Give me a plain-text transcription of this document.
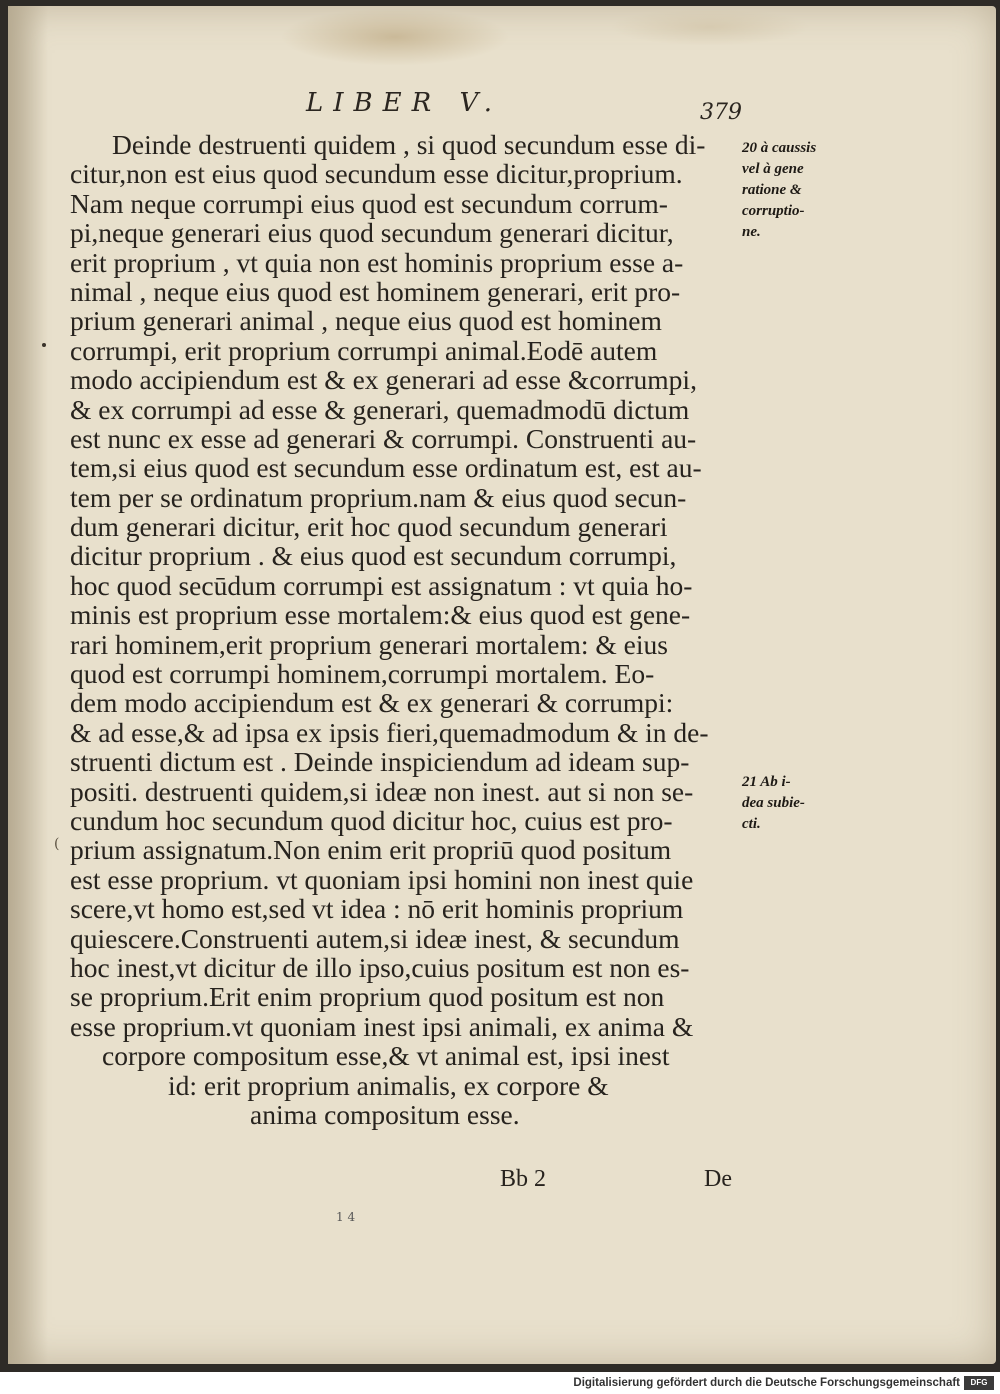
LIBER V.	379
Deinde destruenti quidem , si quod secundum esse di-
citur,non est eius quod secundum esse dicitur,proprium.
Nam neque corrumpi eius quod est secundum corrum-
pi,neque generari eius quod secundum generari dicitur,
erit proprium , vt quia non est hominis proprium esse a-
nimal , neque eius quod est hominem generari, erit pro-
prium generari animal , neque eius quod est hominem
corrumpi, erit proprium corrumpi animal.Eodē autem
modo accipiendum est & ex generari ad esse &corrumpi,
& ex corrumpi ad esse & generari, quemadmodū dictum
est nunc ex esse ad generari & corrumpi. Construenti au-
tem,si eius quod est secundum esse ordinatum est, est au-
tem per se ordinatum proprium.nam & eius quod secun-
dum generari dicitur, erit hoc quod secundum generari
dicitur proprium . & eius quod est secundum corrumpi,
hoc quod secūdum corrumpi est assignatum : vt quia ho-
minis est proprium esse mortalem:& eius quod est gene-
rari hominem,erit proprium generari mortalem: & eius
quod est corrumpi hominem,corrumpi mortalem. Eo-
dem modo accipiendum est & ex generari & corrumpi:
& ad esse,& ad ipsa ex ipsis fieri,quemadmodum & in de-
struenti dictum est . Deinde inspiciendum ad ideam sup-
positi. destruenti quidem,si ideæ non inest. aut si non se-
cundum hoc secundum quod dicitur hoc, cuius est pro-
prium assignatum.Non enim erit propriū quod positum
est esse proprium. vt quoniam ipsi homini non inest quie
scere,vt homo est,sed vt idea : nō erit hominis proprium
quiescere.Construenti autem,si ideæ inest, & secundum
hoc inest,vt dicitur de illo ipso,cuius positum est non es-
se proprium.Erit enim proprium quod positum est non
esse proprium.vt quoniam inest ipsi animali, ex anima &
corpore compositum esse,& vt animal est, ipsi inest
id: erit proprium animalis, ex corpore &
anima compositum esse.
20 à caussis
vel à gene
ratione &
corruptio-
ne.
21 Ab i-
dea subie-
cti.
(
Bb 2	De
1 4
Digitalisierung gefördert durch die Deutsche Forschungsgemeinschaft	DFG
